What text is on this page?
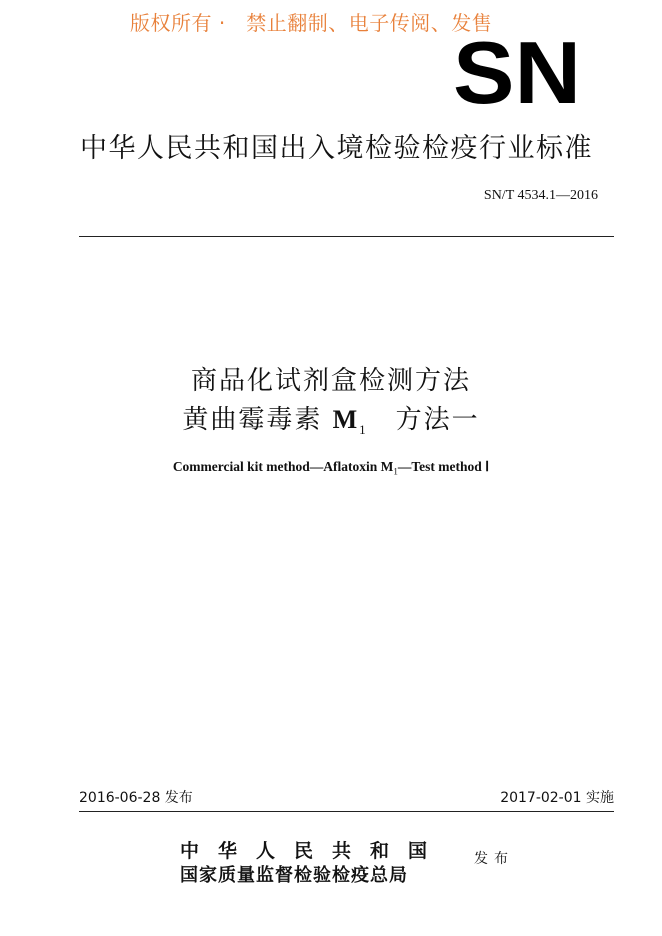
版权所有 ·　禁止翻制、电子传阅、发售
SN
中华人民共和国出入境检验检疫行业标准
SN/T 4534.1—2016
商品化试剂盒检测方法
黄曲霉毒素 $M_1$　方法一
Commercial kit method—Aflatoxin $M_1—Test$ method Ⅰ
2016-06-28 发布	2017-02-01 实施
中华人民共和国
国家质量监督检验检疫总局
发布
